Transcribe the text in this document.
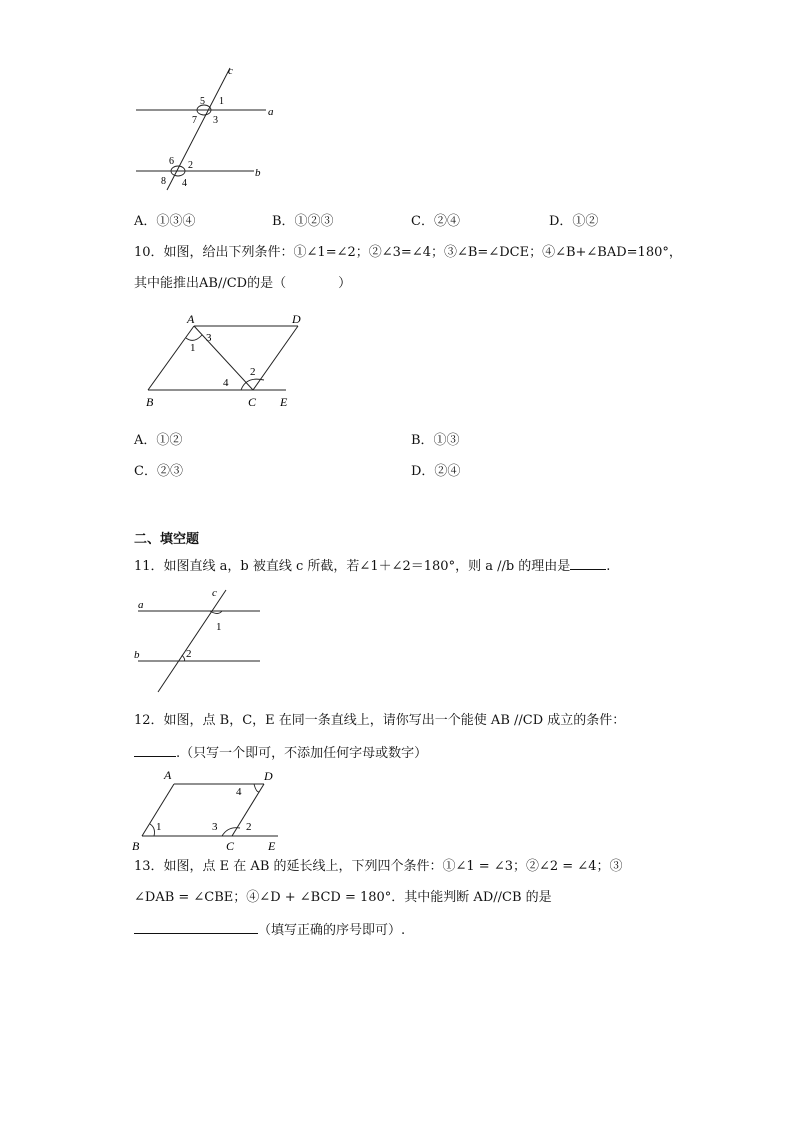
c
a
b
5 1
7 3
6 2
8 4
A．①③④	B．①②③	C．②④	D．①②
10．如图，给出下列条件：①∠1=∠2；②∠3=∠4；③∠B=∠DCE；④∠B+∠BAD=180°，
其中能推出AB//CD的是（　　　　）
A	D
B	C E
1
3
4
2
A．①②	B．①③
C．②③	D．②④
二、填空题
11．如图直线 a，b 被直线 c 所截，若∠1＋∠2＝180°，则 a //b 的理由是	.
a
b
c
1
2
12．如图，点 B，C，E 在同一条直线上，请你写出一个能使 AB //CD 成立的条件：
.（只写一个即可，不添加任何字母或数字）
A	D
B	C	E
1	3	2
4
13．如图，点 E 在 AB 的延长线上，下列四个条件：①∠1 = ∠3；②∠2 = ∠4；③
∠DAB = ∠CBE；④∠D + ∠BCD = 180°．其中能判断 AD//CB 的是
（填写正确的序号即可）.
